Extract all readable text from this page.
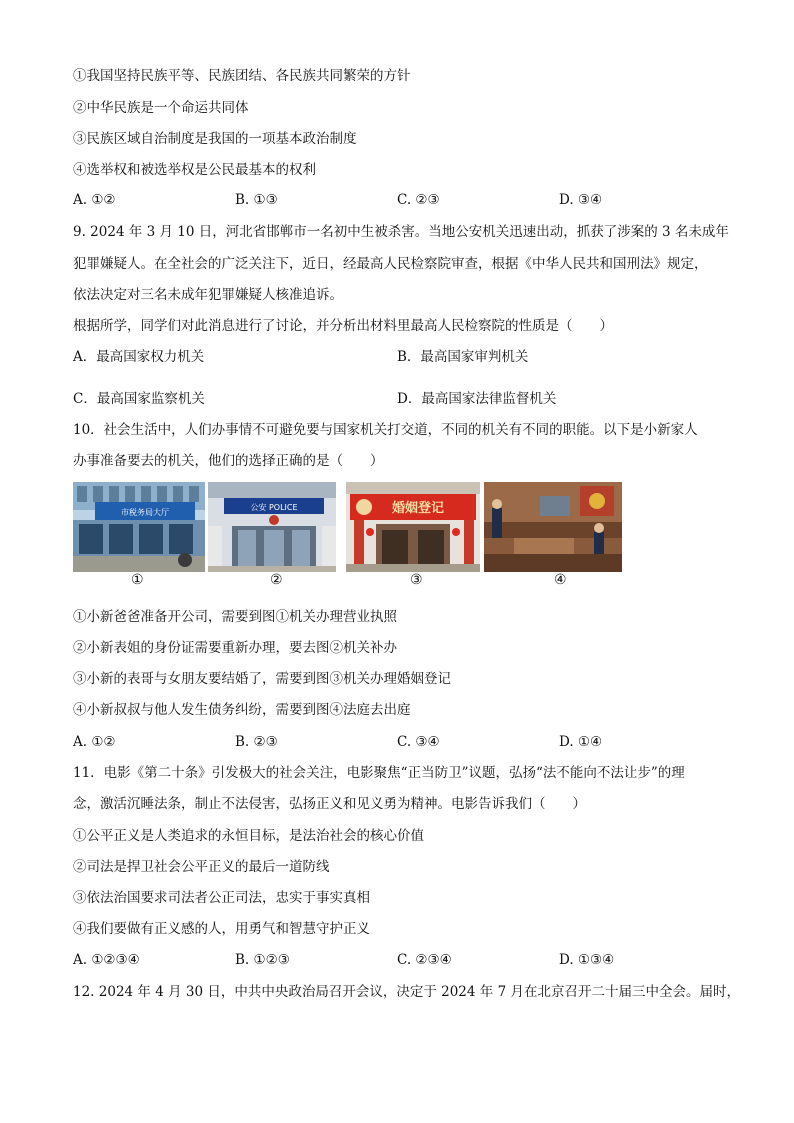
①我国坚持民族平等、民族团结、各民族共同繁荣的方针
②中华民族是一个命运共同体
③民族区域自治制度是我国的一项基本政治制度
④选举权和被选举权是公民最基本的权利
A. ①②	B. ①③	C. ②③	D. ③④
9. 2024 年 3 月 10 日，河北省邯郸市一名初中生被杀害。当地公安机关迅速出动，抓获了涉案的 3 名未成年
犯罪嫌疑人。在全社会的广泛关注下，近日，经最高人民检察院审查，根据《中华人民共和国刑法》规定，
依法决定对三名未成年犯罪嫌疑人核准追诉。
根据所学，同学们对此消息进行了讨论，并分析出材料里最高人民检察院的性质是（　　）
A．最高国家权力机关	B．最高国家审判机关
C．最高国家监察机关	D．最高国家法律监督机关
10．社会生活中，人们办事情不可避免要与国家机关打交道，不同的机关有不同的职能。以下是小新家人
办事准备要去的机关，他们的选择正确的是（　　）
市税务局大厅
①
公安 POLICE
②
婚姻登记
③	④
①小新爸爸准备开公司，需要到图①机关办理营业执照
②小新表姐的身份证需要重新办理，要去图②机关补办
③小新的表哥与女朋友要结婚了，需要到图③机关办理婚姻登记
④小新叔叔与他人发生债务纠纷，需要到图④法庭去出庭
A. ①②	B. ②③	C. ③④	D. ①④
11．电影《第二十条》引发极大的社会关注，电影聚焦“正当防卫”议题，弘扬“法不能向不法让步”的理
念，激活沉睡法条，制止不法侵害，弘扬正义和见义勇为精神。电影告诉我们（　　）
①公平正义是人类追求的永恒目标，是法治社会的核心价值
②司法是捍卫社会公平正义的最后一道防线
③依法治国要求司法者公正司法，忠实于事实真相
④我们要做有正义感的人，用勇气和智慧守护正义
A. ①②③④	B. ①②③	C. ②③④	D. ①③④
12. 2024 年 4 月 30 日，中共中央政治局召开会议，决定于 2024 年 7 月在北京召开二十届三中全会。届时，
